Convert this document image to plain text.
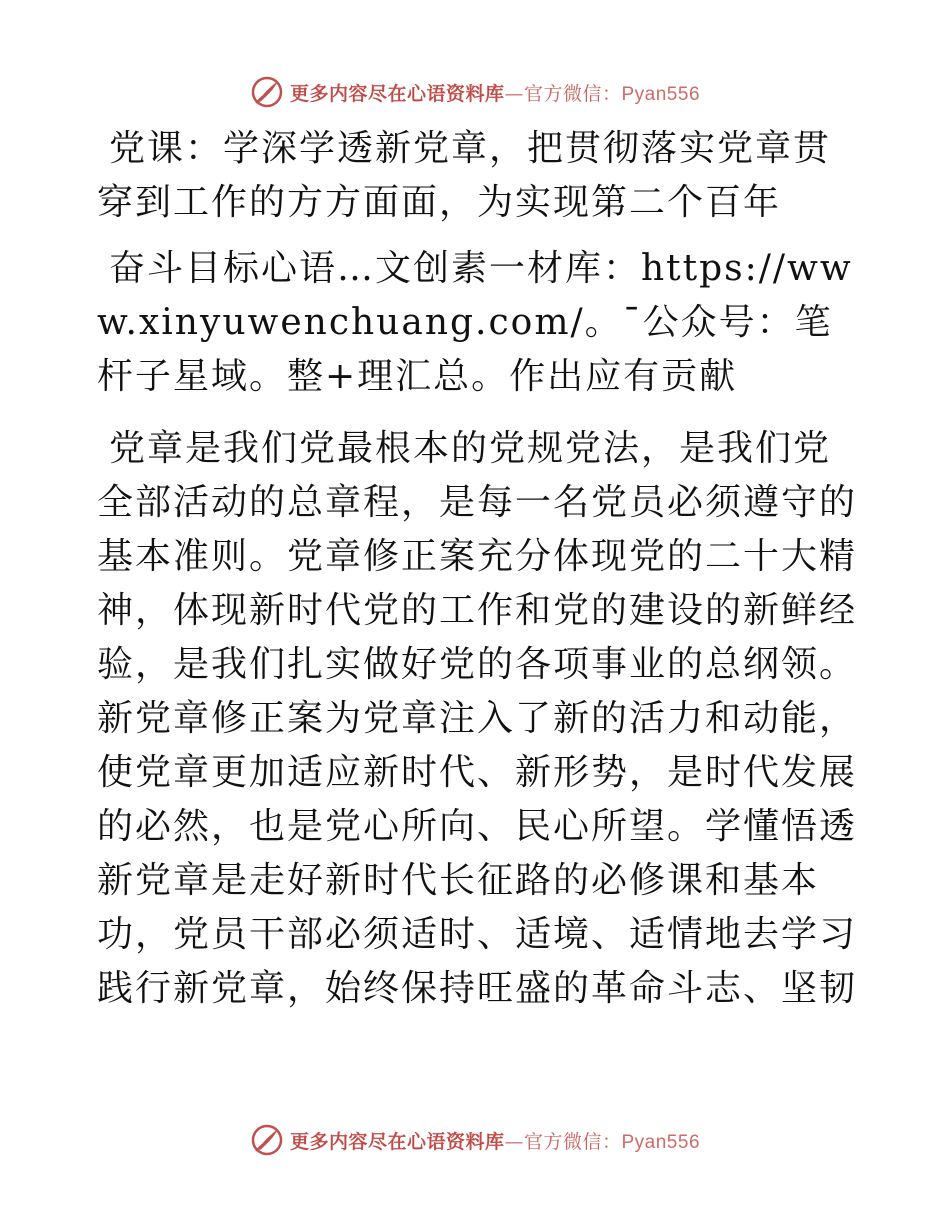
更多内容尽在心语资料库—官方微信：Pyan556

党课：学深学透新党章，把贯彻落实党章贯穿到工作的方方面面，为实现第二个百年

奋斗目标心语…文创素一材库：https://www.xinyuwenchuang.com/。¯公众号：笔杆子星域。整+理汇总。作出应有贡献

党章是我们党最根本的党规党法，是我们党全部活动的总章程，是每一名党员必须遵守的基本准则。党章修正案充分体现党的二十大精神，体现新时代党的工作和党的建设的新鲜经验，是我们扎实做好党的各项事业的总纲领。新党章修正案为党章注入了新的活力和动能，使党章更加适应新时代、新形势，是时代发展的必然，也是党心所向、民心所望。学懂悟透新党章是走好新时代长征路的必修课和基本功，党员干部必须适时、适境、适情地去学习践行新党章，始终保持旺盛的革命斗志、坚韧

更多内容尽在心语资料库—官方微信：Pyan556
